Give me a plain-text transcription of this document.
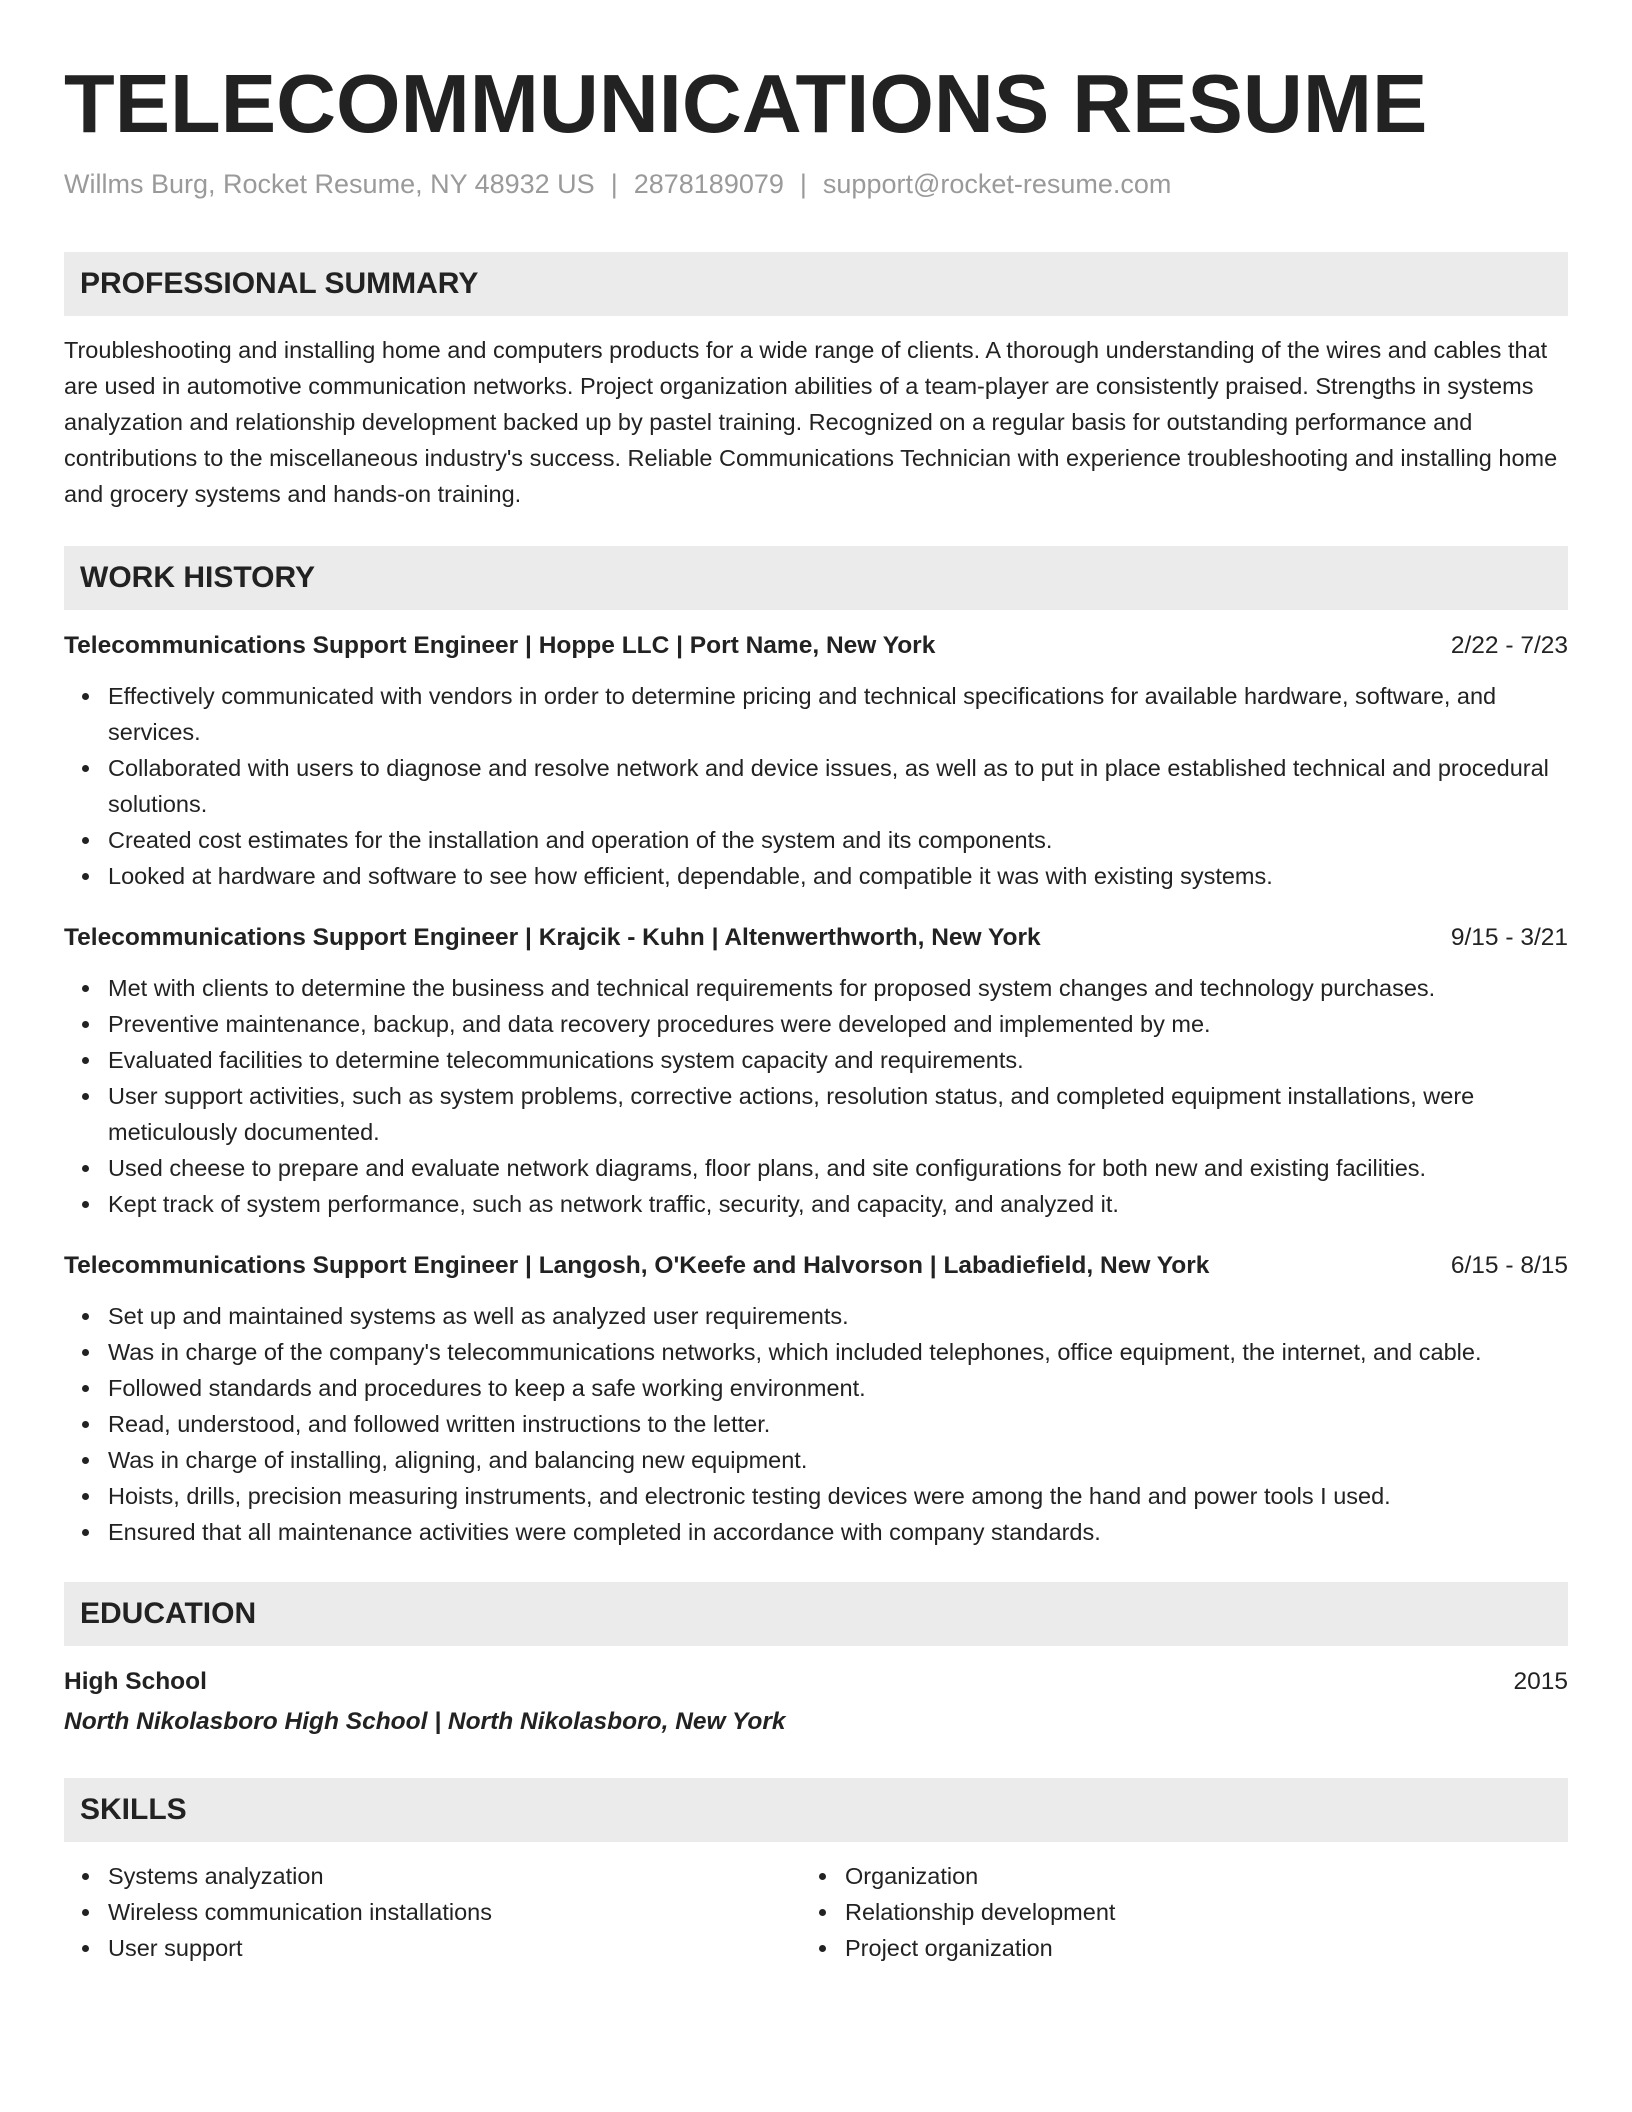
TELECOMMUNICATIONS RESUME
Willms Burg, Rocket Resume, NY 48932 US | 2878189079 | support@rocket-resume.com
PROFESSIONAL SUMMARY
Troubleshooting and installing home and computers products for a wide range of clients. A thorough understanding of the wires and cables that are used in automotive communication networks. Project organization abilities of a team-player are consistently praised. Strengths in systems analyzation and relationship development backed up by pastel training. Recognized on a regular basis for outstanding performance and contributions to the miscellaneous industry's success. Reliable Communications Technician with experience troubleshooting and installing home and grocery systems and hands-on training.
WORK HISTORY
Telecommunications Support Engineer | Hoppe LLC | Port Name, New York	2/22 - 7/23
Effectively communicated with vendors in order to determine pricing and technical specifications for available hardware, software, and services.
Collaborated with users to diagnose and resolve network and device issues, as well as to put in place established technical and procedural solutions.
Created cost estimates for the installation and operation of the system and its components.
Looked at hardware and software to see how efficient, dependable, and compatible it was with existing systems.
Telecommunications Support Engineer | Krajcik - Kuhn | Altenwerthworth, New York	9/15 - 3/21
Met with clients to determine the business and technical requirements for proposed system changes and technology purchases.
Preventive maintenance, backup, and data recovery procedures were developed and implemented by me.
Evaluated facilities to determine telecommunications system capacity and requirements.
User support activities, such as system problems, corrective actions, resolution status, and completed equipment installations, were meticulously documented.
Used cheese to prepare and evaluate network diagrams, floor plans, and site configurations for both new and existing facilities.
Kept track of system performance, such as network traffic, security, and capacity, and analyzed it.
Telecommunications Support Engineer | Langosh, O'Keefe and Halvorson | Labadiefield, New York	6/15 - 8/15
Set up and maintained systems as well as analyzed user requirements.
Was in charge of the company's telecommunications networks, which included telephones, office equipment, the internet, and cable.
Followed standards and procedures to keep a safe working environment.
Read, understood, and followed written instructions to the letter.
Was in charge of installing, aligning, and balancing new equipment.
Hoists, drills, precision measuring instruments, and electronic testing devices were among the hand and power tools I used.
Ensured that all maintenance activities were completed in accordance with company standards.
EDUCATION
High School	2015
North Nikolasboro High School | North Nikolasboro, New York
SKILLS
Systems analyzation
Wireless communication installations
User support
Organization
Relationship development
Project organization
